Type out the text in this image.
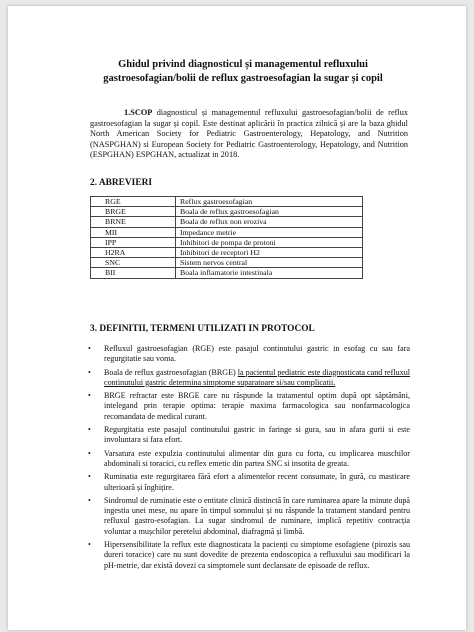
Ghidul privind diagnosticul și managementul refluxului
gastroesofagian/bolii de reflux gastroesofagian la sugar și copil
1.SCOP diagnosticul și managementul refluxului gastroesofagian/bolii de reflux gastroesofagian la sugar și copil. Este destinat aplicării în practica zilnică și are la baza ghidul North American Society for Pediatric Gastroenterology, Hepatology, and Nutrition (NASPGHAN) si European Society for Pediatric Gastroenterology, Hepatology, and Nutrition (ESPGHAN) ESPGHAN, actualizat in 2018.
2. ABREVIERI
RGE	Reflux gastroesofagian
BRGE	Boala de reflux gastroesofagian
BRNE	Boala de reflux non eroziva
MII	Impedance metrie
IPP	Inhibitori de pompa de protoni
H2RA	Inhibitori de receptori H2
SNC	Sistem nervos central
BII	Boala inflamatorie intestinala
3. DEFINITII, TERMENI UTILIZATI IN PROTOCOL
• Refluxul gastroesofagian (RGE) este pasajul continutului gastric in esofag cu sau fara regurgitatie sau voma.
• Boala de reflux gastroesofagian (BRGE) la pacientul pediatric este diagnosticata cand refluxul continutului gastric determina simptome suparatoare si/sau complicatii.
• BRGE refractar este BRGE care nu răspunde la tratamentul optim după opt săptămâni, intelegand prin terapie optima: terapie maxima farmacologica sau nonfarmacologica recomandata de medical curant.
• Regurgitatia este pasajul continutului gastric in faringe si gura, sau in afara gurii si este involuntara si fara efort.
• Varsatura este expulzia continutului alimentar din gura cu forta, cu implicarea muschilor abdominali si toracici, cu reflex emetic din partea SNC si insotita de greata.
• Ruminatia este regurgitarea fără efort a alimentelor recent consumate, în gură, cu masticare ulterioară și înghițire.
• Sindromul de ruminatie este o entitate clinică distinctă în care ruminarea apare la minute după ingestia unei mese, nu apare în timpul somnului și nu răspunde la tratament standard pentru refluxul gastro-esofagian. La sugar sindromul de ruminare, implică repetitiv contracția voluntar a mușchilor peretelui abdominal, diafragmă și limbă.
• Hipersensibilitate la reflux este diagnosticata la pacienți cu simptome esofagiene (pirozis sau dureri toracice) care nu sunt dovedite de prezenta endoscopica a refluxului sau modificari la pH-metrie, dar există dovezi ca simptomele sunt declansate de episoade de reflux.
